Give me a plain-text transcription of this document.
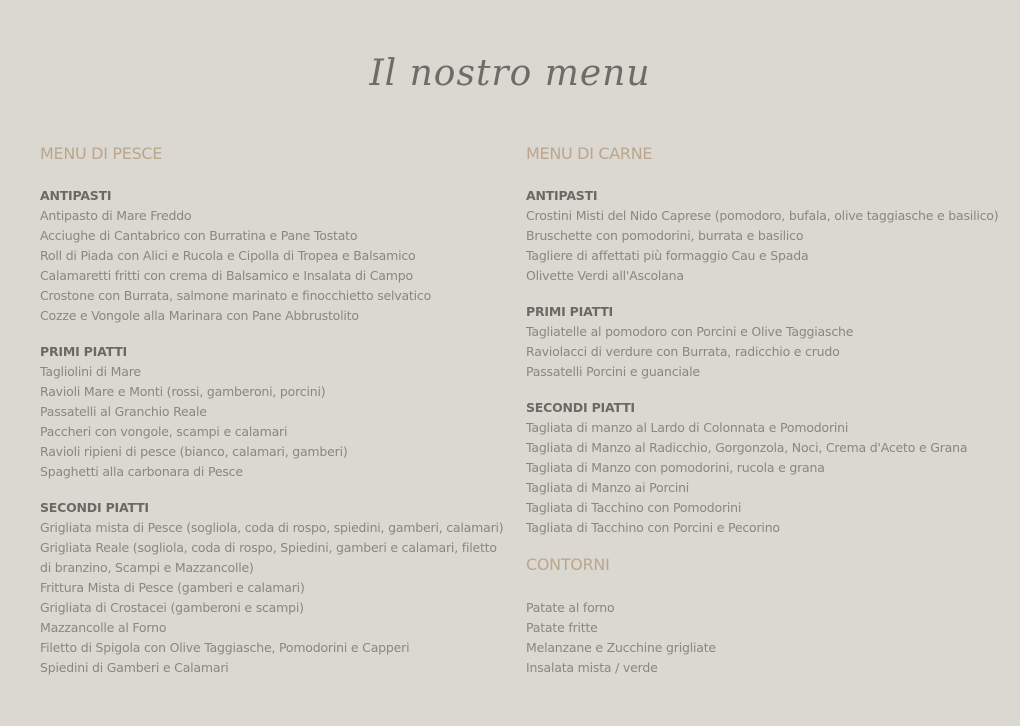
Il nostro menu
MENU DI PESCE
ANTIPASTI
Antipasto di Mare Freddo
Acciughe di Cantabrico con Burratina e Pane Tostato
Roll di Piada con Alici e Rucola e Cipolla di Tropea e Balsamico
Calamaretti fritti con crema di Balsamico e Insalata di Campo
Crostone con Burrata, salmone marinato e finocchietto selvatico
Cozze e Vongole alla Marinara con Pane Abbrustolito
PRIMI PIATTI
Tagliolini di Mare
Ravioli Mare e Monti (rossi, gamberoni, porcini)
Passatelli al Granchio Reale
Paccheri con vongole, scampi e calamari
Ravioli ripieni di pesce (bianco, calamari, gamberi)
Spaghetti alla carbonara di Pesce
SECONDI PIATTI
Grigliata mista di Pesce (sogliola, coda di rospo, spiedini, gamberi, calamari)
Grigliata Reale (sogliola, coda di rospo, Spiedini, gamberi e calamari, filetto di branzino, Scampi e Mazzancolle)
Frittura Mista di Pesce (gamberi e calamari)
Grigliata di Crostacei (gamberoni e scampi)
Mazzancolle al Forno
Filetto di Spigola con Olive Taggiasche, Pomodorini e Capperi
Spiedini di Gamberi e Calamari
MENU DI CARNE
ANTIPASTI
Crostini Misti del Nido Caprese (pomodoro, bufala, olive taggiasche e basilico)
Bruschette con pomodorini, burrata e basilico
Tagliere di affettati più formaggio Cau e Spada
Olivette Verdi all'Ascolana
PRIMI PIATTI
Tagliatelle al pomodoro con Porcini e Olive Taggiasche
Raviolacci di verdure con Burrata, radicchio e crudo
Passatelli Porcini e guanciale
SECONDI PIATTI
Tagliata di manzo al Lardo di Colonnata e Pomodorini
Tagliata di Manzo al Radicchio, Gorgonzola, Noci, Crema d'Aceto e Grana
Tagliata di Manzo con pomodorini, rucola e grana
Tagliata di Manzo ai Porcini
Tagliata di Tacchino con Pomodorini
Tagliata di Tacchino con Porcini e Pecorino
CONTORNI
Patate al forno
Patate fritte
Melanzane e Zucchine grigliate
Insalata mista / verde
